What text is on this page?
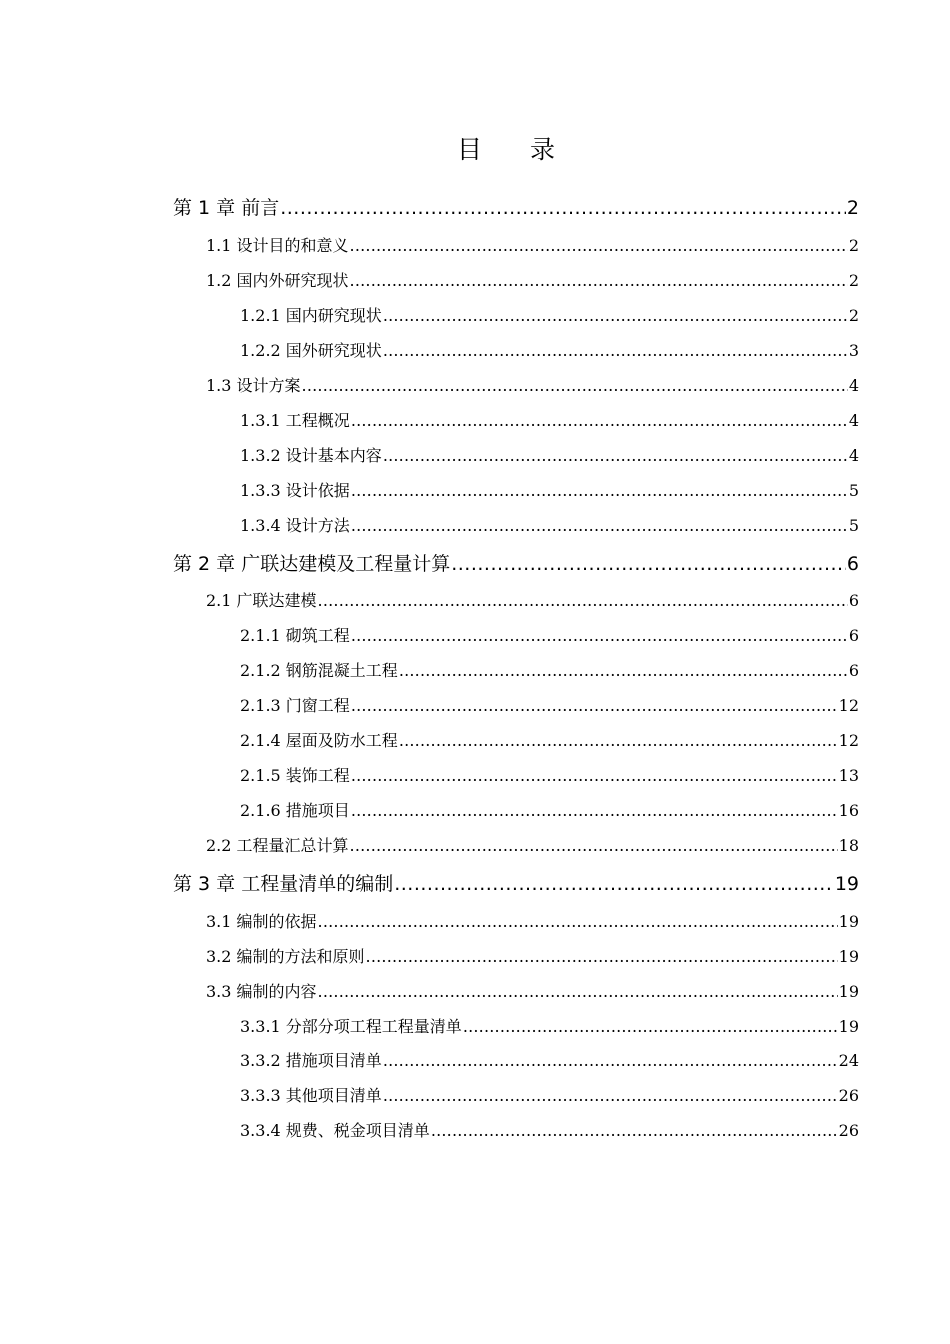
目 录
第 1 章 前言 .....	2
1.1 设计目的和意义 .....	2
1.2 国内外研究现状 .....	2
1.2.1 国内研究现状 .....	2
1.2.2 国外研究现状 .....	3
1.3 设计方案 .....	4
1.3.1 工程概况 .....	4
1.3.2 设计基本内容 .....	4
1.3.3 设计依据 .....	5
1.3.4 设计方法 .....	5
第 2 章 广联达建模及工程量计算 .....	6
2.1 广联达建模 .....	6
2.1.1 砌筑工程 .....	6
2.1.2 钢筋混凝土工程 .....	6
2.1.3 门窗工程 .....	12
2.1.4 屋面及防水工程 .....	12
2.1.5 装饰工程 .....	13
2.1.6 措施项目 .....	16
2.2 工程量汇总计算 .....	18
第 3 章 工程量清单的编制 .....	19
3.1 编制的依据 .....	19
3.2 编制的方法和原则 .....	19
3.3 编制的内容 .....	19
3.3.1 分部分项工程工程量清单 .....	19
3.3.2 措施项目清单 .....	24
3.3.3 其他项目清单 .....	26
3.3.4 规费、税金项目清单 .....	26
